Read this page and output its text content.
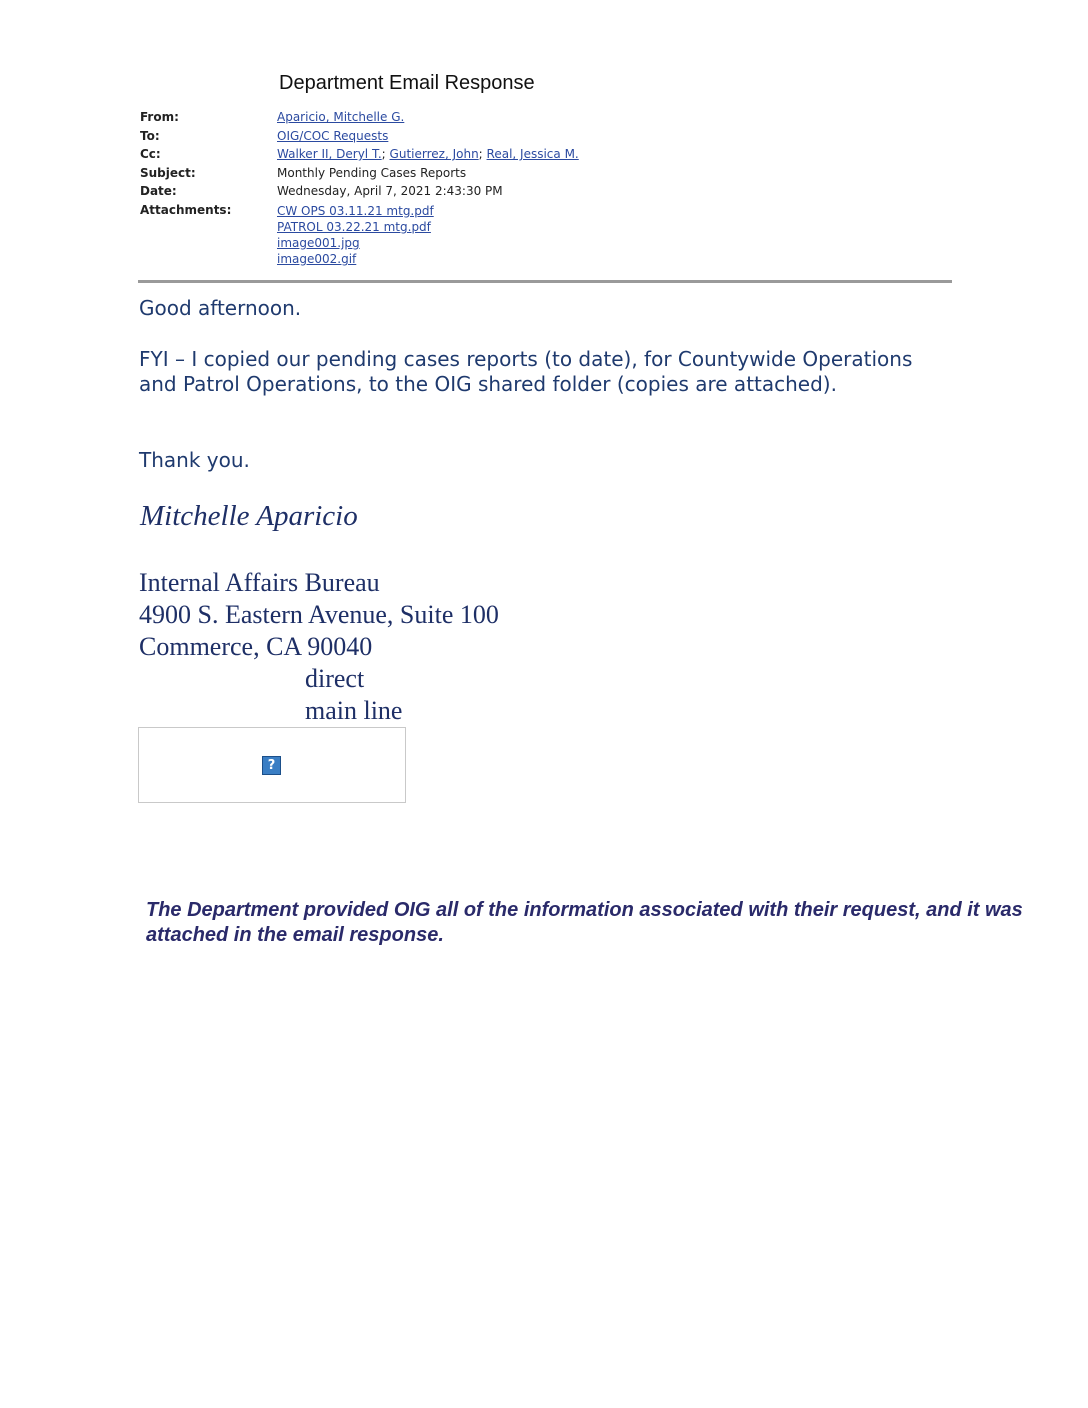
Department Email Response
From:	Aparicio, Mitchelle G.
To:	OIG/COC Requests
Cc:	Walker II, Deryl T.; Gutierrez, John; Real, Jessica M.
Subject:	Monthly Pending Cases Reports
Date:	Wednesday, April 7, 2021 2:43:30 PM
Attachments:	CW OPS 03.11.21 mtg.pdf
PATROL 03.22.21 mtg.pdf
image001.jpg
image002.gif
Good afternoon.
FYI – I copied our pending cases reports (to date), for Countywide Operations and Patrol Operations, to the OIG shared folder (copies are attached).
Thank you.
Mitchelle Aparicio
Internal Affairs Bureau
4900 S. Eastern Avenue, Suite 100
Commerce, CA 90040
direct
main line
?
The Department provided OIG all of the information associated with their request, and it was attached in the email response.
